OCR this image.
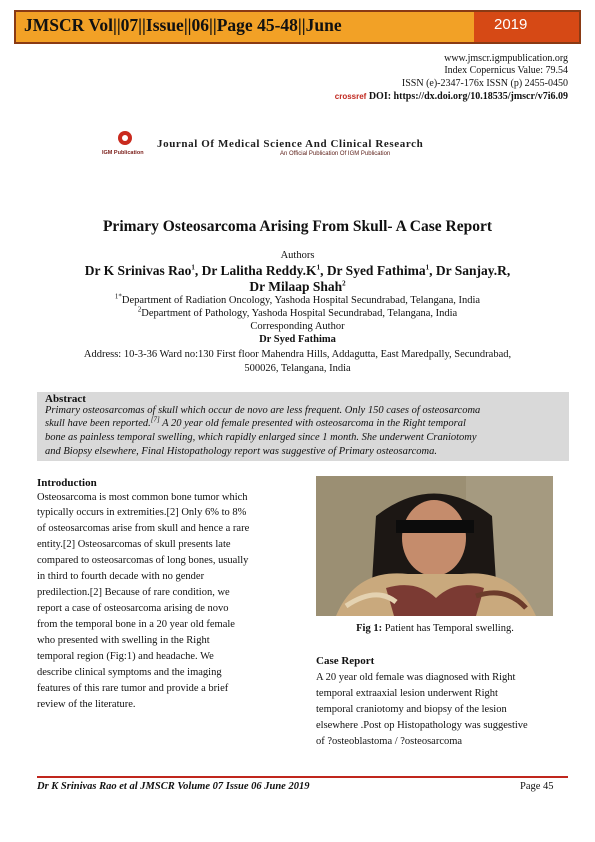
JMSCR Vol||07||Issue||06||Page 45-48||June	2019
www.jmscr.igmpublication.org
Index Copernicus Value: 79.54
ISSN (e)-2347-176x ISSN (p) 2455-0450
crossref DOI: https://dx.doi.org/10.18535/jmscr/v7i6.09
IGM Publication
Journal Of Medical Science And Clinical Research
An Official Publication Of IGM Publication
Primary Osteosarcoma Arising From Skull- A Case Report
Authors
Dr K Srinivas Rao$^1$, Dr Lalitha $Reddy.K^1$, Dr Syed Fathima$^1$, Dr Sanjay.R,
Dr Milaap Shah$^2$
$^{1*}$Department of Radiation Oncology, Yashoda Hospital Secundrabad, Telangana, India
$^2$Department of Pathology, Yashoda Hospital Secundrabad, Telangana, India
Corresponding Author
Dr Syed Fathima
Address: 10-3-36 Ward no:130 First floor Mahendra Hills, Addagutta, East Maredpally, Secundrabad,
500026, Telangana, India
Abstract
Primary osteosarcomas of skull which occur de novo are less frequent. Only 150 cases of osteosarcoma
skull have been reported.[7] A 20 year old female presented with osteosarcoma in the Right temporal
bone as painless temporal swelling, which rapidly enlarged since 1 month. She underwent Craniotomy
and Biopsy elsewhere, Final Histopathology report was suggestive of Primary osteosarcoma.
Introduction
Osteosarcoma is most common bone tumor which
typically occurs in extremities.[2] Only 6% to 8%
of osteosarcomas arise from skull and hence a rare
entity.[2] Osteosarcomas of skull presents late
compared to osteosarcomas of long bones, usually
in third to fourth decade with no gender
predilection.[2] Because of rare condition, we
report a case of osteosarcoma arising de novo
from the temporal bone in a 20 year old female
who presented with swelling in the Right
temporal region (Fig:1) and headache. We
describe clinical symptoms and the imaging
features of this rare tumor and provide a brief
review of the literature.
Fig 1: Patient has Temporal swelling.
Case Report
A 20 year old female was diagnosed with Right
temporal extraaxial lesion underwent Right
temporal craniotomy and biopsy of the lesion
elsewhere .Post op Histopathology was suggestive
of ?osteoblastoma / ?osteosarcoma
Dr K Srinivas Rao et al JMSCR Volume 07 Issue 06 June 2019	Page 45
